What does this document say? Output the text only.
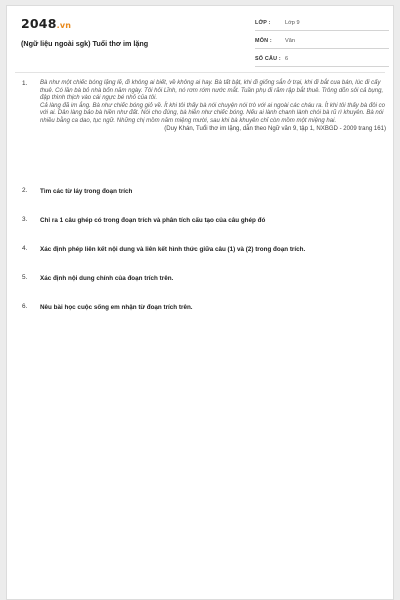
2048.vn
(Ngữ liệu ngoài sgk) Tuổi thơ im lặng
LỚP :	Lớp 9
MÔN :	Văn
SỐ CÂU : 6
1. Bà như một chiếc bóng lặng lẽ, đi không ai biết, về không ai hay. Bà tất bật, khi đi giống sắn ở trại, khi đi bắt cua bán, lúc đi cấy thuê. Có lần bà bỏ nhà bốn năm ngày. Tôi hỏi Lĩnh, nó rơm rớm nước mắt. Tuần phụ đi rãm rập bắt thuê. Trông dõn sôi cả bụng, đập thình thịch vào cái ngực bé nhỏ của tôi.

Cả làng đã im ắng. Bà như chiếc bóng giỏ về. Ít khi tôi thấy bà nói chuyện nói trò với ai ngoài các cháu ra. Ít khi tôi thấy bà đôi co với ai. Dân làng bảo bà hiền như đất. Nói cho đúng, bà hiền như chiếc bóng. Nếu ai lành chanh lành chói bà rũ rì khuyên. Bà nói nhiều bằng ca dao, tục ngữ. Những chị mồm năm miệng mười, sau khi bà khuyên chỉ còn mồm một miệng hai.

(Duy Khán, Tuổi thơ im lặng, dẫn theo Ngữ văn 9, tập 1, NXBGD - 2009 trang 161)
2. Tìm các từ láy trong đoạn trích
3. Chỉ ra 1 câu ghép có trong đoạn trích và phân tích cấu tạo của câu ghép đó
4. Xác định phép liên kết nội dung và liên kết hình thức giữa câu (1) và (2) trong đoạn trích.
5. Xác định nội dung chính của đoạn trích trên.
6. Nêu bài học cuộc sống em nhận từ đoạn trích trên.
